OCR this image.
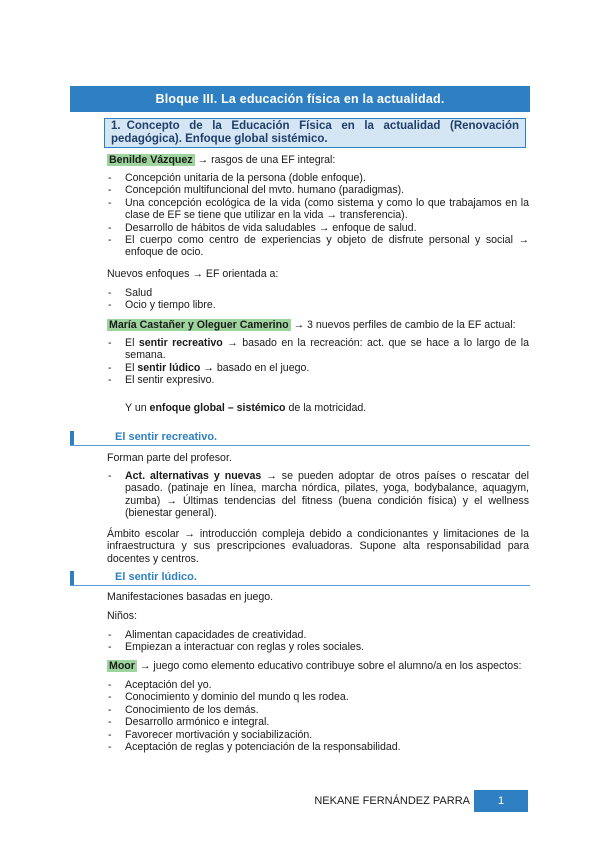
Bloque III. La educación física en la actualidad.
1. Concepto de la Educación Física en la actualidad (Renovación pedagógica). Enfoque global sistémico.
Benilde Vázquez → rasgos de una EF integral:
- Concepción unitaria de la persona (doble enfoque).
- Concepción multifuncional del mvto. humano (paradigmas).
- Una concepción ecológica de la vida (como sistema y como lo que trabajamos en la clase de EF se tiene que utilizar en la vida → transferencia).
- Desarrollo de hábitos de vida saludables → enfoque de salud.
- El cuerpo como centro de experiencias y objeto de disfrute personal y social → enfoque de ocio.
Nuevos enfoques → EF orientada a:
- Salud
- Ocio y tiempo libre.
María Castañer y Oleguer Camerino → 3 nuevos perfiles de cambio de la EF actual:
- El sentir recreativo → basado en la recreación: act. que se hace a lo largo de la semana.
- El sentir lúdico → basado en el juego.
- El sentir expresivo.
Y un enfoque global – sistémico de la motricidad.
El sentir recreativo.
Forman parte del profesor.
- Act. alternativas y nuevas → se pueden adoptar de otros países o rescatar del pasado. (patinaje en línea, marcha nórdica, pilates, yoga, bodybalance, aquagym, zumba) → Últimas tendencias del fitness (buena condición física) y el wellness (bienestar general).
Ámbito escolar → introducción compleja debido a condicionantes y limitaciones de la infraestructura y sus prescripciones evaluadoras. Supone alta responsabilidad para docentes y centros.
El sentir lúdico.
Manifestaciones basadas en juego.
Niños:
- Alimentan capacidades de creatividad.
- Empiezan a interactuar con reglas y roles sociales.
Moor → juego como elemento educativo contribuye sobre el alumno/a en los aspectos:
- Aceptación del yo.
- Conocimiento y dominio del mundo q les rodea.
- Conocimiento de los demás.
- Desarrollo armónico e integral.
- Favorecer mortivación y sociabilización.
- Aceptación de reglas y potenciación de la responsabilidad.
NEKANE FERNÁNDEZ PARRA	1
